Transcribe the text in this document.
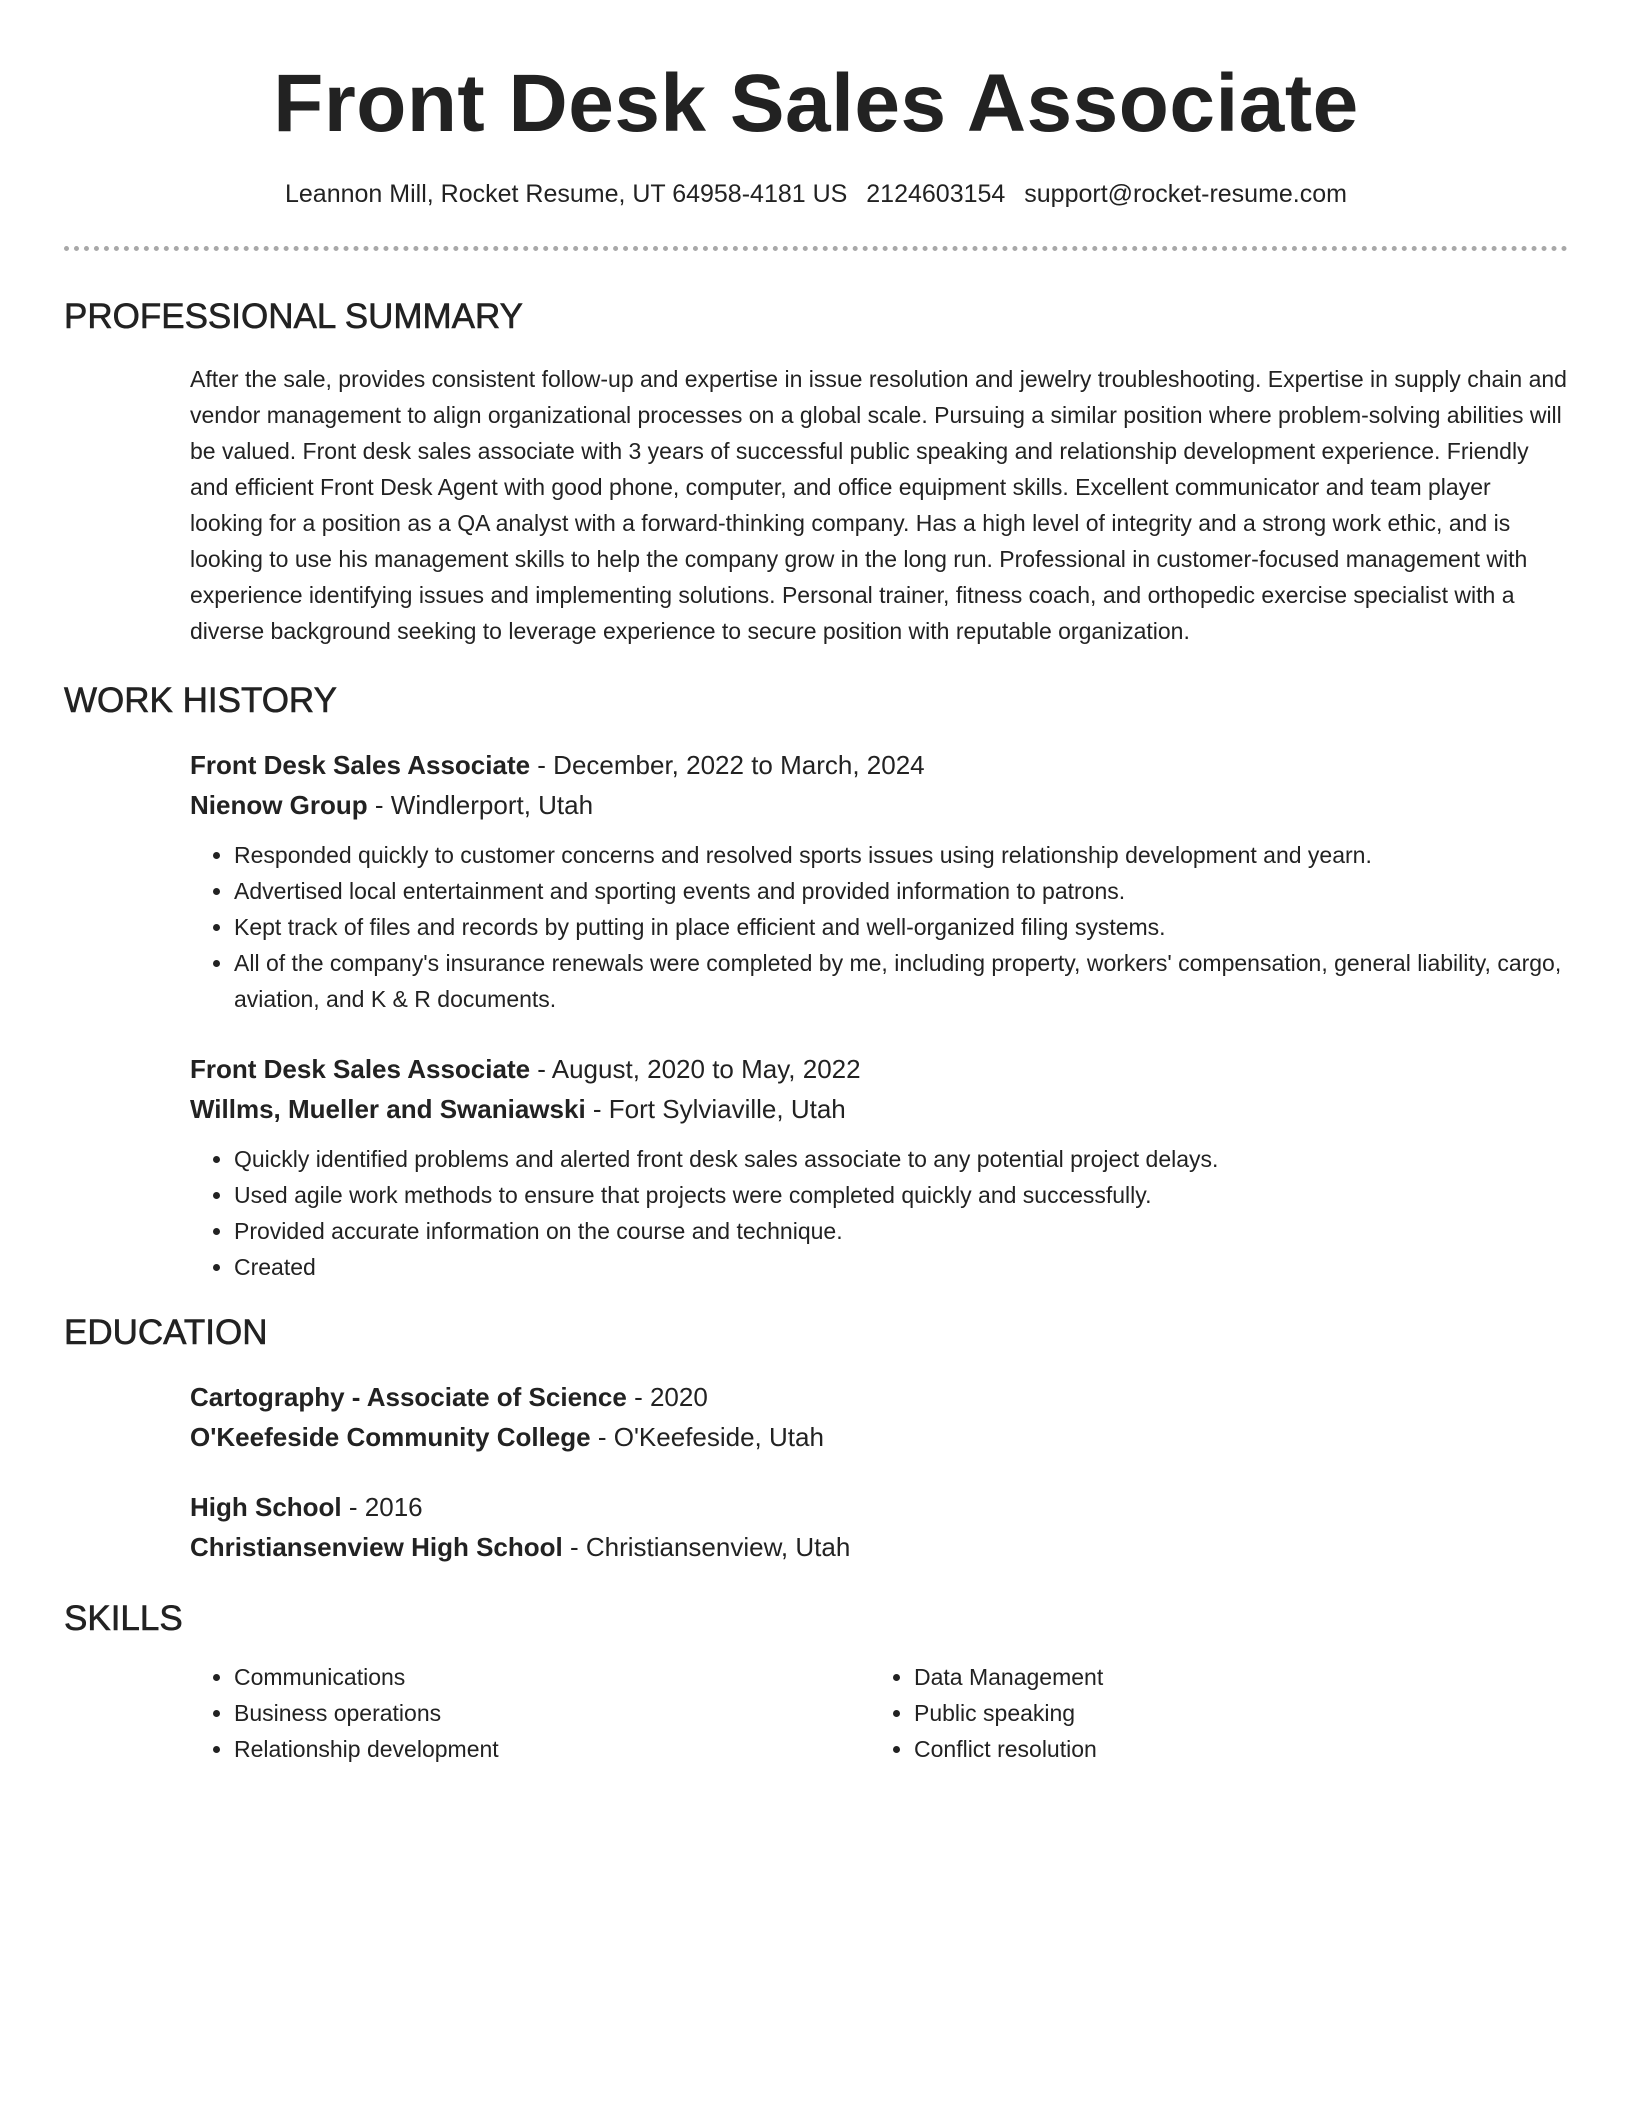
Front Desk Sales Associate
Leannon Mill, Rocket Resume, UT 64958-4181 US 2124603154 support@rocket-resume.com
PROFESSIONAL SUMMARY
After the sale, provides consistent follow-up and expertise in issue resolution and jewelry troubleshooting. Expertise in supply chain and vendor management to align organizational processes on a global scale. Pursuing a similar position where problem-solving abilities will be valued. Front desk sales associate with 3 years of successful public speaking and relationship development experience. Friendly and efficient Front Desk Agent with good phone, computer, and office equipment skills. Excellent communicator and team player looking for a position as a QA analyst with a forward-thinking company. Has a high level of integrity and a strong work ethic, and is looking to use his management skills to help the company grow in the long run. Professional in customer-focused management with experience identifying issues and implementing solutions. Personal trainer, fitness coach, and orthopedic exercise specialist with a diverse background seeking to leverage experience to secure position with reputable organization.
WORK HISTORY
Front Desk Sales Associate - December, 2022 to March, 2024
Nienow Group - Windlerport, Utah
• Responded quickly to customer concerns and resolved sports issues using relationship development and yearn.
• Advertised local entertainment and sporting events and provided information to patrons.
• Kept track of files and records by putting in place efficient and well-organized filing systems.
• All of the company's insurance renewals were completed by me, including property, workers' compensation, general liability, cargo, aviation, and K & R documents.
Front Desk Sales Associate - August, 2020 to May, 2022
Willms, Mueller and Swaniawski - Fort Sylviaville, Utah
• Quickly identified problems and alerted front desk sales associate to any potential project delays.
• Used agile work methods to ensure that projects were completed quickly and successfully.
• Provided accurate information on the course and technique.
• Created
EDUCATION
Cartography - Associate of Science - 2020
O'Keefeside Community College - O'Keefeside, Utah
High School - 2016
Christiansenview High School - Christiansenview, Utah
SKILLS
• Communications
• Business operations
• Relationship development
• Data Management
• Public speaking
• Conflict resolution
